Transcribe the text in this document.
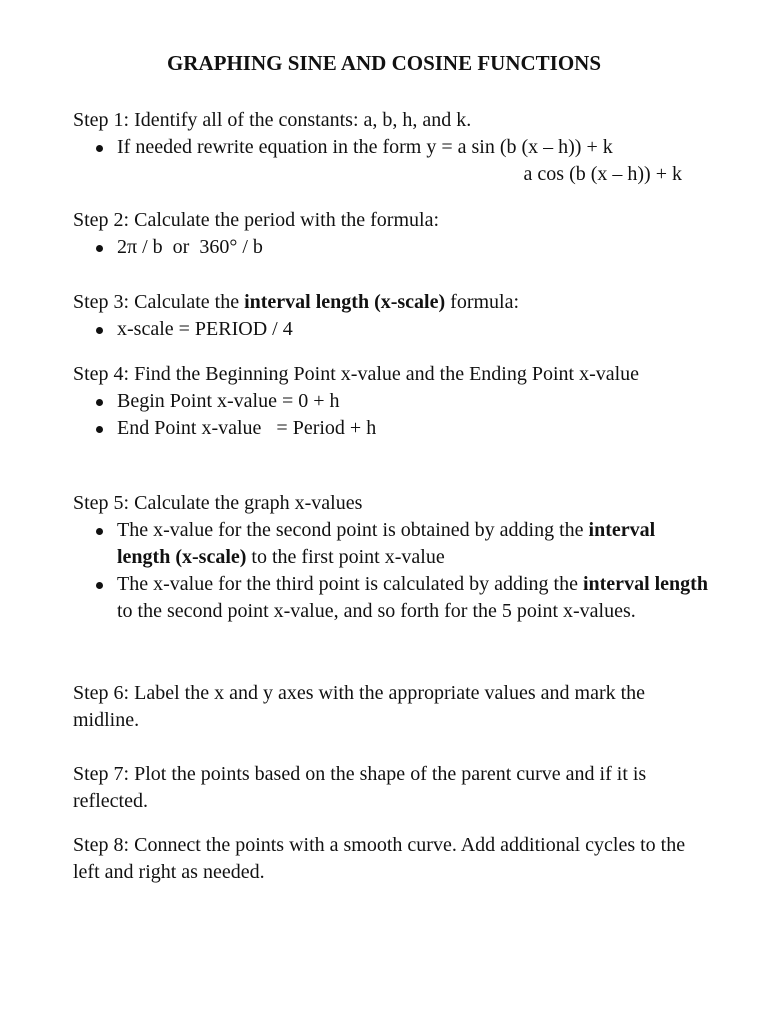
GRAPHING SINE AND COSINE FUNCTIONS

Step 1: Identify all of the constants: a, b, h, and k.

If needed rewrite equation in the form y = a sin (b (x – h)) + k
a cos (b (x – h)) + k

Step 2: Calculate the period with the formula:

2π / b  or  360° / b

Step 3: Calculate the interval length (x-scale) formula:

x-scale = PERIOD / 4

Step 4: Find the Beginning Point x-value and the Ending Point x-value

Begin Point x-value = 0 + h
End Point x-value   = Period + h

Step 5: Calculate the graph x-values

The x-value for the second point is obtained by adding the interval length (x-scale) to the first point x-value
The x-value for the third point is calculated by adding the interval length to the second point x-value, and so forth for the 5 point x-values.

Step 6: Label the x and y axes with the appropriate values and mark the midline.

Step 7: Plot the points based on the shape of the parent curve and if it is reflected.

Step 8: Connect the points with a smooth curve. Add additional cycles to the left and right as needed.
